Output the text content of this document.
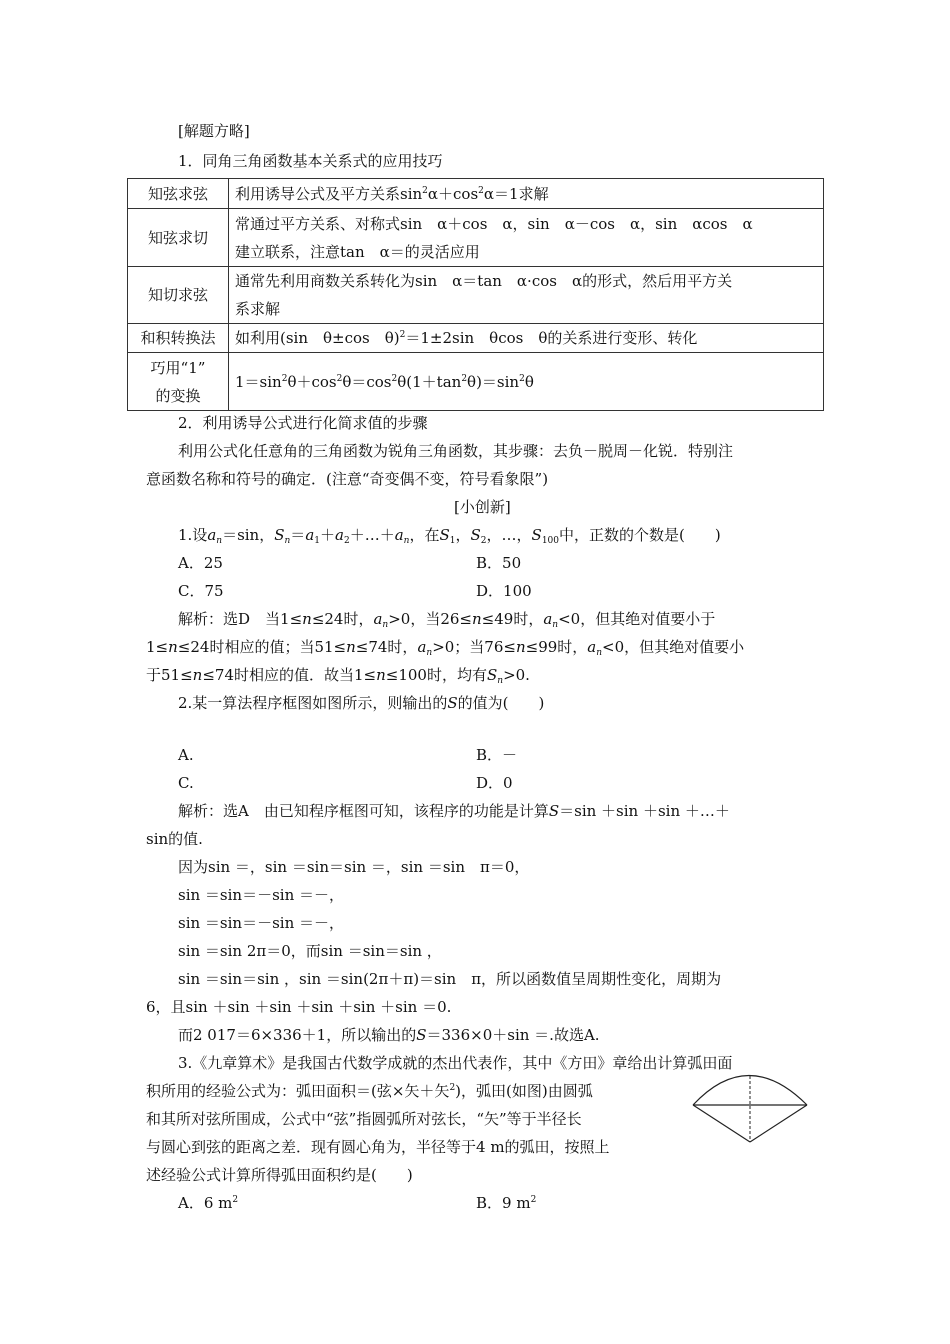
[解题方略]
1．同角三角函数基本关系式的应用技巧
知弦求弦	利用诱导公式及平方关系$\sin^2\alpha+\cos^2\alpha=1$求解
知弦求切	常通过平方关系、对称式sin　α＋cos　α，sin　α－cos　α，sin　αcos　α
建立联系，注意tan　α＝的灵活应用

知切求弦	通常先利用商数关系转化为sin　α＝tan　α·cos　α的形式，然后用平方关
系求解

和积转换法	如利用(sin　θ±cos　θ)$^2$＝1±2sin　θcos　θ的关系进行变形、转化

巧用“1”
的变换	$1=\sin^2\theta+\cos^2\theta=\cos^2\theta(1+\tan^2\theta)=\sin^2\theta$
2．利用诱导公式进行化简求值的步骤
利用公式化任意角的三角函数为锐角三角函数，其步骤：去负－脱周－化锐．特别注
意函数名称和符号的确定．(注意“奇变偶不变，符号看象限”)
[小创新]
1.设$a_n=\sin$，$S_n=a_1+a_2+\dots+a_n$，在$S_1$，$S_2$，…，$S_{100}$中，正数的个数是(　　)
A．25	B．50
C．75	D．100
解析：选D　当1≤n≤24时，$a_n>0$，当26≤n≤49时，$a_n<0$，但其绝对值要小于
1≤n≤24时相应的值；当51≤n≤74时，$a_n>0$；当76≤n≤99时，$a_n<0$，但其绝对值要小
于51≤n≤74时相应的值．故当1≤n≤100时，均有$S_n>0$.
2.某一算法程序框图如图所示，则输出的S的值为(　　)
A.	B．－
C.	D．0
解析：选A　由已知程序框图可知，该程序的功能是计算S＝sin ＋sin ＋sin ＋…＋
sin的值.
因为sin ＝，sin ＝sin＝sin ＝，sin ＝sin　π＝0，
sin ＝sin＝－sin ＝－，
sin ＝sin＝－sin ＝－，
sin ＝sin 2π＝0，而sin ＝sin＝sin ，
sin ＝sin＝sin ，sin ＝sin(2π＋π)＝sin　π，所以函数值呈周期性变化，周期为
6，且sin ＋sin ＋sin ＋sin ＋sin ＋sin ＝0.
而2 017＝6×336＋1，所以输出的S＝336×0＋sin ＝.故选A.
3.《九章算术》是我国古代数学成就的杰出代表作，其中《方田》章给出计算弧田面
积所用的经验公式为：弧田面积＝(弦×矢＋矢$^2$)，弧田(如图)由圆弧
和其所对弦所围成，公式中“弦”指圆弧所对弦长，“矢”等于半径长
与圆心到弦的距离之差．现有圆心角为，半径等于4 m的弧田，按照上
述经验公式计算所得弧田面积约是(　　)
A．6 $m^2$	B．9 $m^2$
